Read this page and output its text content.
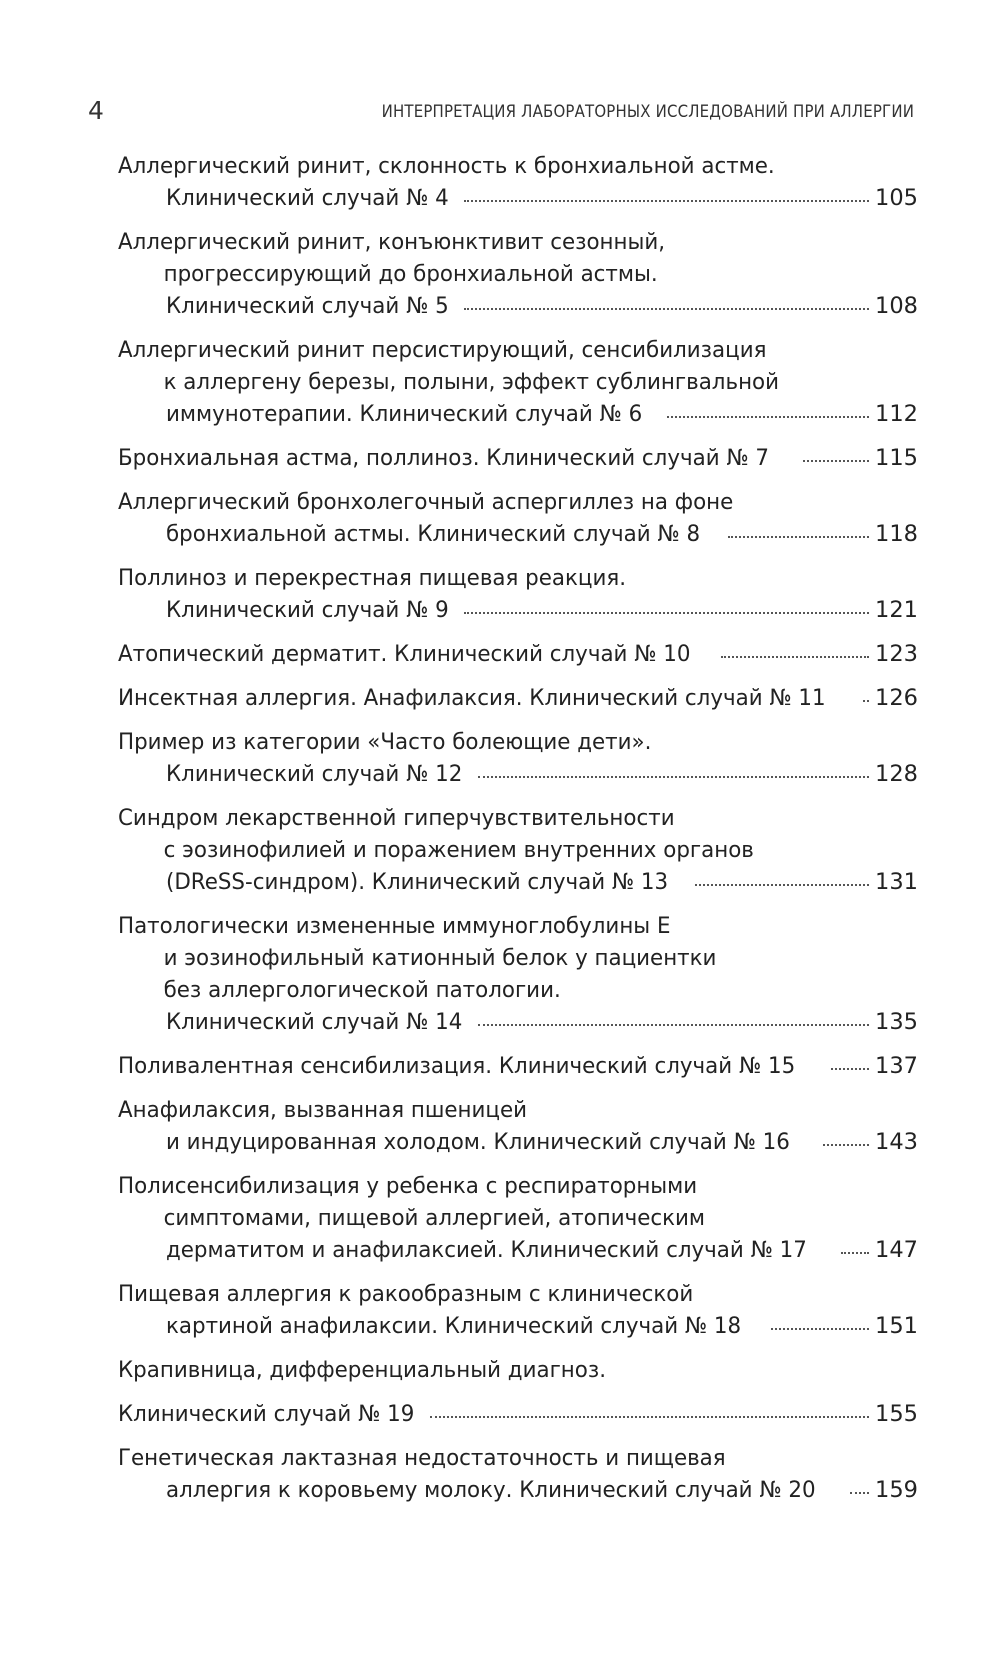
4	ИНТЕРПРЕТАЦИЯ ЛАБОРАТОРНЫХ ИССЛЕДОВАНИЙ ПРИ АЛЛЕРГИИ
Аллергический ринит, склонность к бронхиальной астме.
Клинический случай № 4	105
Аллергический ринит, конъюнктивит сезонный,
прогрессирующий до бронхиальной астмы.
Клинический случай № 5	108
Аллергический ринит персистирующий, сенсибилизация
к аллергену березы, полыни, эффект сублингвальной
иммунотерапии. Клинический случай № 6	112
Бронхиальная астма, поллиноз. Клинический случай № 7	115
Аллергический бронхолегочный аспергиллез на фоне
бронхиальной астмы. Клинический случай № 8	118
Поллиноз и перекрестная пищевая реакция.
Клинический случай № 9	121
Атопический дерматит. Клинический случай № 10	123
Инсектная аллергия. Анафилаксия. Клинический случай № 11 126
Пример из категории «Часто болеющие дети».
Клинический случай № 12	128
Синдром лекарственной гиперчувствительности
с эозинофилией и поражением внутренних органов
(DReSS-синдром). Клинический случай № 13	131
Патологически измененные иммуноглобулины Е
и эозинофильный катионный белок у пациентки
без аллергологической патологии.
Клинический случай № 14	135
Поливалентная сенсибилизация. Клинический случай № 15	137
Анафилаксия, вызванная пшеницей
и индуцированная холодом. Клинический случай № 16	143
Полисенсибилизация у ребенка с респираторными
симптомами, пищевой аллергией, атопическим
дерматитом и анафилаксией. Клинический случай № 17	147
Пищевая аллергия к ракообразным с клинической
картиной анафилаксии. Клинический случай № 18	151
Крапивница, дифференциальный диагноз.
Клинический случай № 19	155
Генетическая лактазная недостаточность и пищевая
аллергия к коровьему молоку. Клинический случай № 20	159
